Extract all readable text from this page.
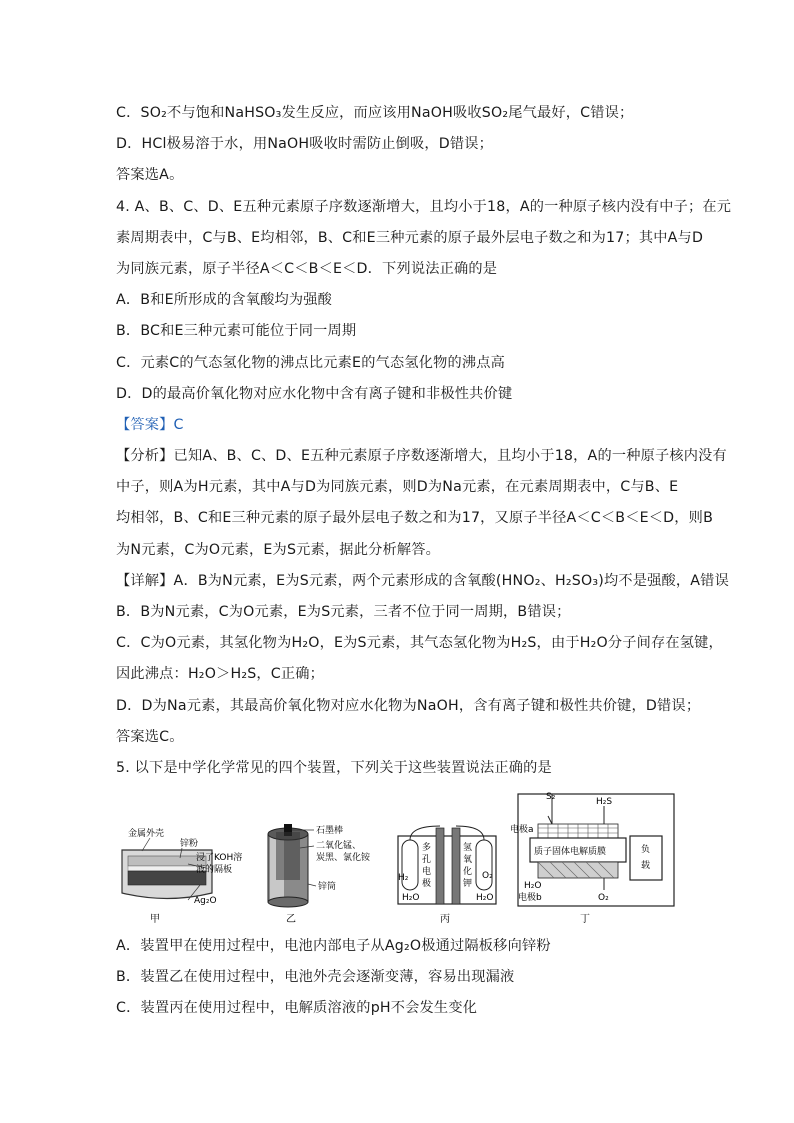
C．SO₂不与饱和NaHSO₃发生反应，而应该用NaOH吸收SO₂尾气最好，C错误；
D．HCl极易溶于水，用NaOH吸收时需防止倒吸，D错误；
答案选A。
4. A、B、C、D、E五种元素原子序数逐渐增大，且均小于18，A的一种原子核内没有中子；在元
素周期表中，C与B、E均相邻，B、C和E三种元素的原子最外层电子数之和为17；其中A与D
为同族元素，原子半径A＜C＜B＜E＜D．下列说法正确的是
A．B和E所形成的含氧酸均为强酸
B．BC和E三种元素可能位于同一周期
C．元素C的气态氢化物的沸点比元素E的气态氢化物的沸点高
D．D的最高价氧化物对应水化物中含有离子键和非极性共价键
【答案】C
【分析】已知A、B、C、D、E五种元素原子序数逐渐增大，且均小于18，A的一种原子核内没有
中子，则A为H元素，其中A与D为同族元素，则D为Na元素，在元素周期表中，C与B、E
均相邻，B、C和E三种元素的原子最外层电子数之和为17，又原子半径A＜C＜B＜E＜D，则B
为N元素，C为O元素，E为S元素，据此分析解答。
【详解】A．B为N元素，E为S元素，两个元素形成的含氧酸(HNO₂、H₂SO₃)均不是强酸，A错误
B．B为N元素，C为O元素，E为S元素，三者不位于同一周期，B错误；
C．C为O元素，其氢化物为H₂O，E为S元素，其气态氢化物为H₂S，由于H₂O分子间存在氢键，
因此沸点：H₂O＞H₂S，C正确；
D．D为Na元素，其最高价氧化物对应水化物为NaOH，含有离子键和极性共价键，D错误；
答案选C。
5. 以下是中学化学常见的四个装置，下列关于这些装置说法正确的是
金属外壳
锌粉
浸了KOH溶
液的隔板
Ag₂O
甲
石墨棒
二氧化锰、
炭黑、氯化铵
锌筒
乙
H₂	O₂
H₂O	H₂O
多
孔
电
极
氢
氧
化
钾
丙
S₂	H₂S
电极a
质子固体电解质膜	负
载
H₂O
电极b	O₂
丁
A．装置甲在使用过程中，电池内部电子从Ag₂O极通过隔板移向锌粉
B．装置乙在使用过程中，电池外壳会逐渐变薄，容易出现漏液
C．装置丙在使用过程中，电解质溶液的pH不会发生变化
